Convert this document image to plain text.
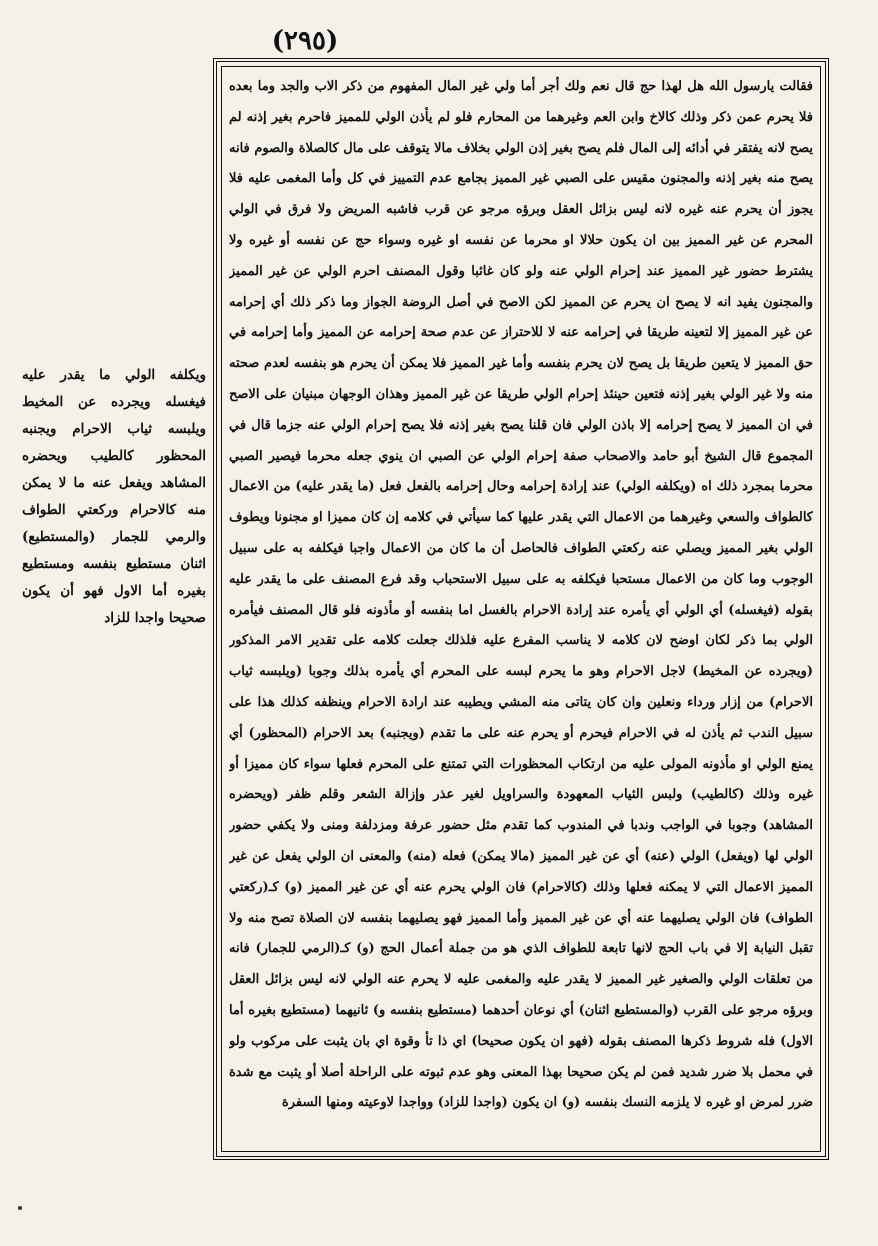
(٢٩٥)

فقالت يارسول الله هل لهذا حج قال نعم ولك أجر أما ولي غير المال المفهوم من ذكر الاب والجد وما بعده فلا يحرم عمن ذكر وذلك كالاخ وابن العم وغيرهما من المحارم فلو لم يأذن الولي للمميز فاحرم بغير إذنه لم يصح لانه يفتقر في أدائه إلى المال فلم يصح بغير إذن الولي بخلاف مالا يتوقف على مال كالصلاة والصوم فانه يصح منه بغير إذنه والمجنون مقيس على الصبي غير المميز بجامع عدم التمييز في كل وأما المغمى عليه فلا يجوز أن يحرم عنه غيره لانه ليس بزائل العقل وبرؤه مرجو عن قرب فاشبه المريض ولا فرق في الولي المحرم عن غير المميز بين ان يكون حلالا او محرما عن نفسه او غيره وسواء حج عن نفسه أو غيره ولا يشترط حضور غير المميز عند إحرام الولي عنه ولو كان غائبا وقول المصنف احرم الولي عن غير المميز والمجنون يفيد انه لا يصح ان يحرم عن المميز لكن الاصح في أصل الروضة الجواز وما ذكر ذلك أي إحرامه عن غير المميز إلا لتعينه طريقا في إحرامه عنه لا للاحتراز عن عدم صحة إحرامه عن المميز وأما إحرامه في حق المميز لا يتعين طريقا بل يصح لان يحرم بنفسه وأما غير المميز فلا يمكن أن يحرم هو بنفسه لعدم صحته منه ولا غير الولي بغير إذنه فتعين حينئذ إحرام الولي طريقا عن غير المميز وهذان الوجهان مبنيان على الاصح في ان المميز لا يصح إحرامه إلا باذن الولي فان قلنا يصح بغير إذنه فلا يصح إحرام الولي عنه جزما قال في المجموع قال الشيخ أبو حامد والاصحاب صفة إحرام الولي عن الصبي ان ينوي جعله محرما فيصير الصبي محرما بمجرد ذلك اه (ويكلفه الولي) عند إرادة إحرامه وحال إحرامه بالفعل فعل (ما يقدر عليه) من الاعمال كالطواف والسعي وغيرهما من الاعمال التي يقدر عليها كما سيأتي في كلامه إن كان مميزا او مجنونا ويطوف الولي بغير المميز ويصلي عنه ركعتي الطواف فالحاصل أن ما كان من الاعمال واجبا فيكلفه به على سبيل الوجوب وما كان من الاعمال مستحبا فيكلفه به على سبيل الاستحباب وقد فرع المصنف على ما يقدر عليه بقوله (فيغسله) أي الولي أي يأمره عند إرادة الاحرام بالغسل اما بنفسه أو مأذونه فلو قال المصنف فيأمره الولي بما ذكر لكان اوضح لان كلامه لا يناسب المفرع عليه فلذلك جعلت كلامه على تقدير الامر المذكور (ويجرده عن المخيط) لاجل الاحرام وهو ما يحرم لبسه على المحرم أي يأمره بذلك وجوبا (ويلبسه ثياب الاحرام) من إزار ورداء ونعلين وان كان يتاتى منه المشي ويطيبه عند ارادة الاحرام وينظفه كذلك هذا على سبيل الندب ثم يأذن له في الاحرام فيحرم أو يحرم عنه على ما تقدم (ويجنبه) بعد الاحرام (المحظور) أي يمنع الولي او مأذونه المولى عليه من ارتكاب المحظورات التي تمتنع على المحرم فعلها سواء كان مميزا أو غيره وذلك (كالطيب) ولبس الثياب المعهودة والسراويل لغير عذر وإزالة الشعر وقلم ظفر (ويحضره المشاهد) وجوبا في الواجب وندبا في المندوب كما تقدم مثل حضور عرفة ومزدلفة ومنى ولا يكفي حضور الولي لها (ويفعل) الولي (عنه) أي عن غير المميز (مالا يمكن) فعله (منه) والمعنى ان الولي يفعل عن غير المميز الاعمال التي لا يمكنه فعلها وذلك (كالاحرام) فان الولي يحرم عنه أي عن غير المميز (و) كـ(ركعتي الطواف) فان الولي يصليهما عنه أي عن غير المميز وأما المميز فهو يصليهما بنفسه لان الصلاة تصح منه ولا تقبل النيابة إلا في باب الحج لانها تابعة للطواف الذي هو من جملة أعمال الحج (و) كـ(الرمي للجمار) فانه من تعلقات الولي والصغير غير المميز لا يقدر عليه والمغمى عليه لا يحرم عنه الولي لانه ليس بزائل العقل وبرؤه مرجو على القرب (والمستطيع اثنان) أي نوعان أحدهما (مستطيع بنفسه و) ثانيهما (مستطيع بغيره أما الاول) فله شروط ذكرها المصنف بقوله (فهو ان يكون صحيحا) اي ذا تأ وقوة اي بان يثبت على مركوب ولو في محمل بلا ضرر شديد فمن لم يكن صحيحا بهذا المعنى وهو عدم ثبوته على الراحلة أصلا أو يثبت مع شدة ضرر لمرض او غيره لا يلزمه النسك بنفسه (و) ان يكون (واجدا للزاد) وواجدا لاوعيته ومنها السفرة

ويكلفه الولي ما يقدر عليه فيغسله ويجرده عن المخيط ويلبسه ثياب الاحرام ويجنبه المحظور كالطيب ويحضره المشاهد ويفعل عنه ما لا يمكن منه كالاحرام وركعتي الطواف والرمي للجمار (والمستطيع) اثنان مستطيع بنفسه ومستطيع بغيره أما الاول فهو أن يكون صحيحا واجدا للزاد
